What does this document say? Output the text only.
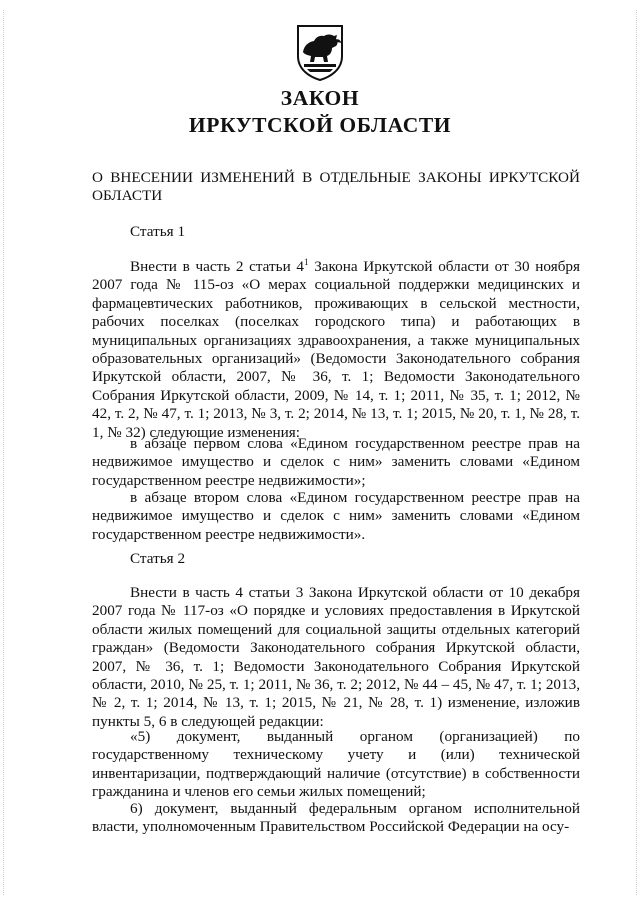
ЗАКОН
ИРКУТСКОЙ ОБЛАСТИ
О ВНЕСЕНИИ ИЗМЕНЕНИЙ В ОТДЕЛЬНЫЕ ЗАКОНЫ ИРКУТСКОЙ ОБЛАСТИ
Статья 1
Внести в часть 2 статьи $4^1$ Закона Иркутской области от 30 ноября 2007 года № 115-оз «О мерах социальной поддержки медицинских и фармацевтических работников, проживающих в сельской местности, рабочих поселках (поселках городского типа) и работающих в муниципальных организациях здравоохранения, а также муниципальных образовательных организаций» (Ведомости Законодательного собрания Иркутской области, 2007, № 36, т. 1; Ведомости Законодательного Собрания Иркутской области, 2009, № 14, т. 1; 2011, № 35, т. 1; 2012, № 42, т. 2, № 47, т. 1; 2013, № 3, т. 2; 2014, № 13, т. 1; 2015, № 20, т. 1, № 28, т. 1, № 32) следующие изменения:
в абзаце первом слова «Едином государственном реестре прав на недвижимое имущество и сделок с ним» заменить словами «Едином государственном реестре недвижимости»;
в абзаце втором слова «Едином государственном реестре прав на недвижимое имущество и сделок с ним» заменить словами «Едином государственном реестре недвижимости».
Статья 2
Внести в часть 4 статьи 3 Закона Иркутской области от 10 декабря 2007 года № 117-оз «О порядке и условиях предоставления в Иркутской области жилых помещений для социальной защиты отдельных категорий граждан» (Ведомости Законодательного собрания Иркутской области, 2007, № 36, т. 1; Ведомости Законодательного Собрания Иркутской области, 2010, № 25, т. 1; 2011, № 36, т. 2; 2012, № 44 – 45, № 47, т. 1; 2013, № 2, т. 1; 2014, № 13, т. 1; 2015, № 21, № 28, т. 1) изменение, изложив пункты 5, 6 в следующей редакции:
«5) документ, выданный органом (организацией) по государственному техническому учету и (или) технической инвентаризации, подтверждающий наличие (отсутствие) в собственности гражданина и членов его семьи жилых помещений;
6) документ, выданный федеральным органом исполнительной власти, уполномоченным Правительством Российской Федерации на осу-
